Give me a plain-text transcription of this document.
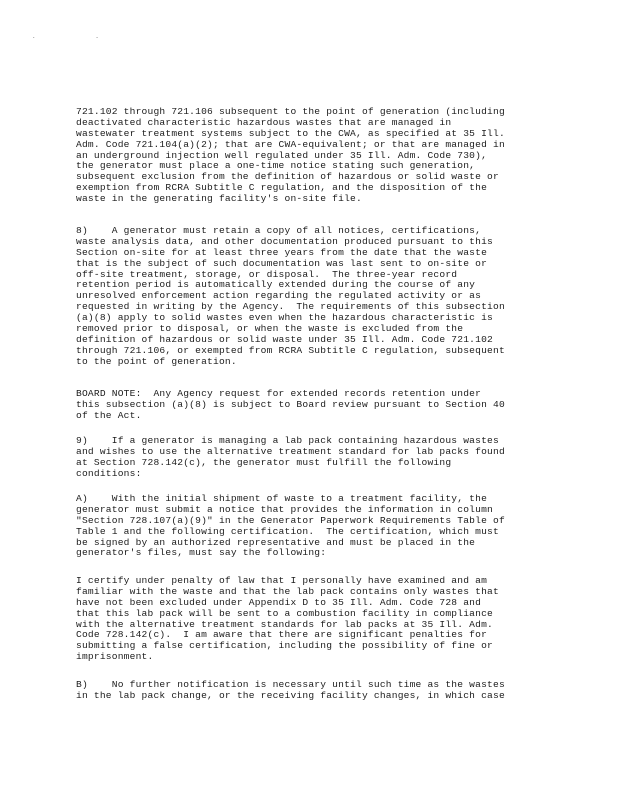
. .
721.102 through 721.106 subsequent to the point of generation (including
deactivated characteristic hazardous wastes that are managed in
wastewater treatment systems subject to the CWA, as specified at 35 Ill.
Adm. Code 721.104(a)(2); that are CWA-equivalent; or that are managed in
an underground injection well regulated under 35 Ill. Adm. Code 730),
the generator must place a one-time notice stating such generation,
subsequent exclusion from the definition of hazardous or solid waste or
exemption from RCRA Subtitle C regulation, and the disposition of the
waste in the generating facility's on-site file.
8)    A generator must retain a copy of all notices, certifications,
waste analysis data, and other documentation produced pursuant to this
Section on-site for at least three years from the date that the waste
that is the subject of such documentation was last sent to on-site or
off-site treatment, storage, or disposal.  The three-year record
retention period is automatically extended during the course of any
unresolved enforcement action regarding the regulated activity or as
requested in writing by the Agency.  The requirements of this subsection
(a)(8) apply to solid wastes even when the hazardous characteristic is
removed prior to disposal, or when the waste is excluded from the
definition of hazardous or solid waste under 35 Ill. Adm. Code 721.102
through 721.106, or exempted from RCRA Subtitle C regulation, subsequent
to the point of generation.
BOARD NOTE:  Any Agency request for extended records retention under
this subsection (a)(8) is subject to Board review pursuant to Section 40
of the Act.
9)    If a generator is managing a lab pack containing hazardous wastes
and wishes to use the alternative treatment standard for lab packs found
at Section 728.142(c), the generator must fulfill the following
conditions:
A)    With the initial shipment of waste to a treatment facility, the
generator must submit a notice that provides the information in column
"Section 728.107(a)(9)" in the Generator Paperwork Requirements Table of
Table 1 and the following certification.  The certification, which must
be signed by an authorized representative and must be placed in the
generator's files, must say the following:
I certify under penalty of law that I personally have examined and am
familiar with the waste and that the lab pack contains only wastes that
have not been excluded under Appendix D to 35 Ill. Adm. Code 728 and
that this lab pack will be sent to a combustion facility in compliance
with the alternative treatment standards for lab packs at 35 Ill. Adm.
Code 728.142(c).  I am aware that there are significant penalties for
submitting a false certification, including the possibility of fine or
imprisonment.
B)    No further notification is necessary until such time as the wastes
in the lab pack change, or the receiving facility changes, in which case
